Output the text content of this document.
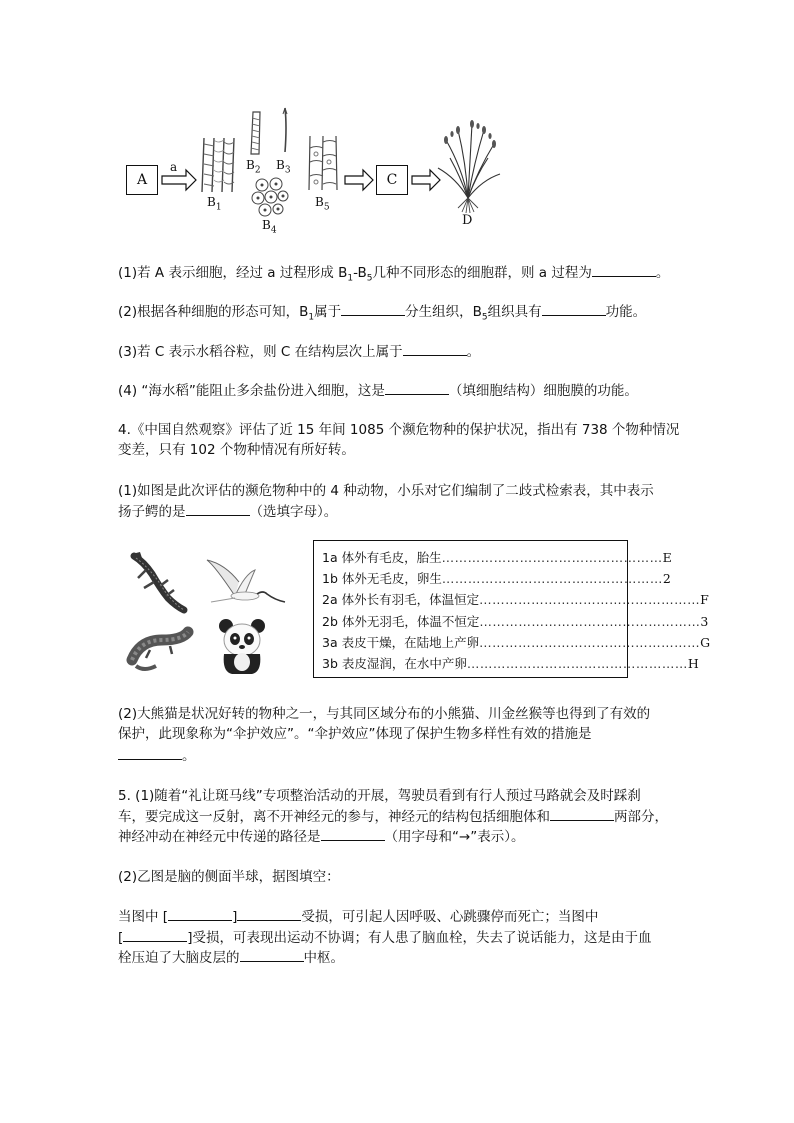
A
a
$B_1$
$B_2$ $B_3$
$B_4$
$B_5$
C
D
(1)若 A 表示细胞，经过 a 过程形成 $B_1-B_5$几种不同形态的细胞群，则 a 过程为	。
(2)根据各种细胞的形态可知，$B_1$属于	分生组织，$B_5$组织具有	功能。
(3)若 C 表示水稻谷粒，则 C 在结构层次上属于	。
(4) “海水稻”能阻止多余盐份进入细胞，这是	（填细胞结构）细胞膜的功能。
4.《中国自然观察》评估了近 15 年间 1085 个濒危物种的保护状况，指出有 738 个物种情况
变差，只有 102 个物种情况有所好转。
(1)如图是此次评估的濒危物种中的 4 种动物，小乐对它们编制了二歧式检索表，其中表示
扬子鳄的是	（选填字母）。
1a 体外有毛皮，胎生 …………………………………………… E
1b 体外无毛皮，卵生 …………………………………………… 2
2a 体外长有羽毛，体温恒定 …………………………………………… F
2b 体外无羽毛，体温不恒定 …………………………………………… 3
3a 表皮干燥，在陆地上产卵 …………………………………………… G
3b 表皮湿润，在水中产卵 …………………………………………… H
(2)大熊猫是状况好转的物种之一，与其同区域分布的小熊猫、川金丝猴等也得到了有效的
保护，此现象称为“伞护效应”。“伞护效应”体现了保护生物多样性有效的措施是
。
5. (1)随着“礼让斑马线”专项整治活动的开展，驾驶员看到有行人预过马路就会及时踩刹
车，要完成这一反射，离不开神经元的参与，神经元的结构包括细胞体和	两部分，
神经冲动在神经元中传递的路径是	（用字母和“→”表示）。
(2)乙图是脑的侧面半球，据图填空：
当图中 [	]	受损，可引起人因呼吸、心跳骤停而死亡；当图中
[	]受损，可表现出运动不协调；有人患了脑血栓，失去了说话能力，这是由于血
栓压迫了大脑皮层的	中枢。
